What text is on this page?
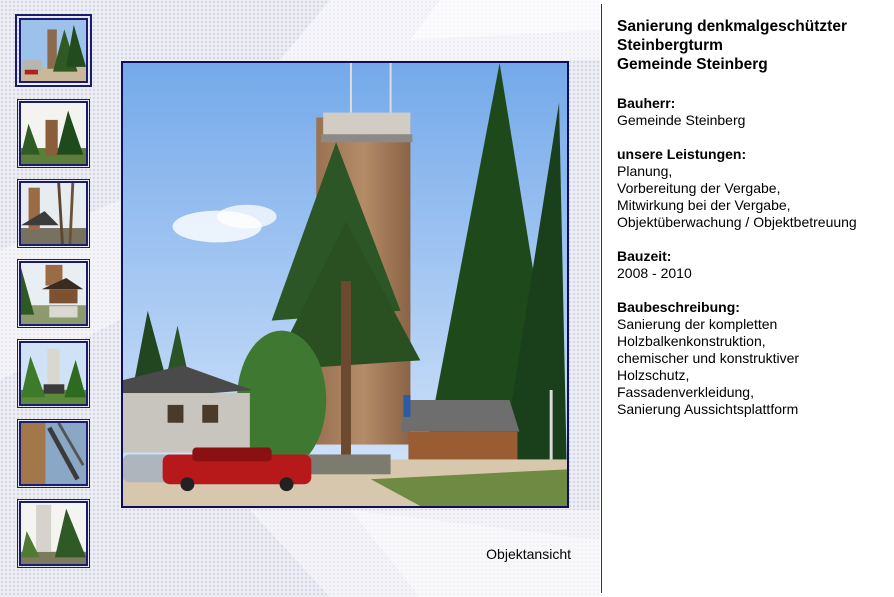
Objektansicht
Sanierung denkmalgeschützter
Steinbergturm
Gemeinde Steinberg
Bauherr:
Gemeinde Steinberg
unsere Leistungen:
Planung,
Vorbereitung der Vergabe,
Mitwirkung bei der Vergabe,
Objektüberwachung / Objektbetreuung
Bauzeit:
2008 - 2010
Baubeschreibung:
Sanierung der kompletten
Holzbalkenkonstruktion,
chemischer und konstruktiver
Holzschutz,
Fassadenverkleidung,
Sanierung Aussichtsplattform
